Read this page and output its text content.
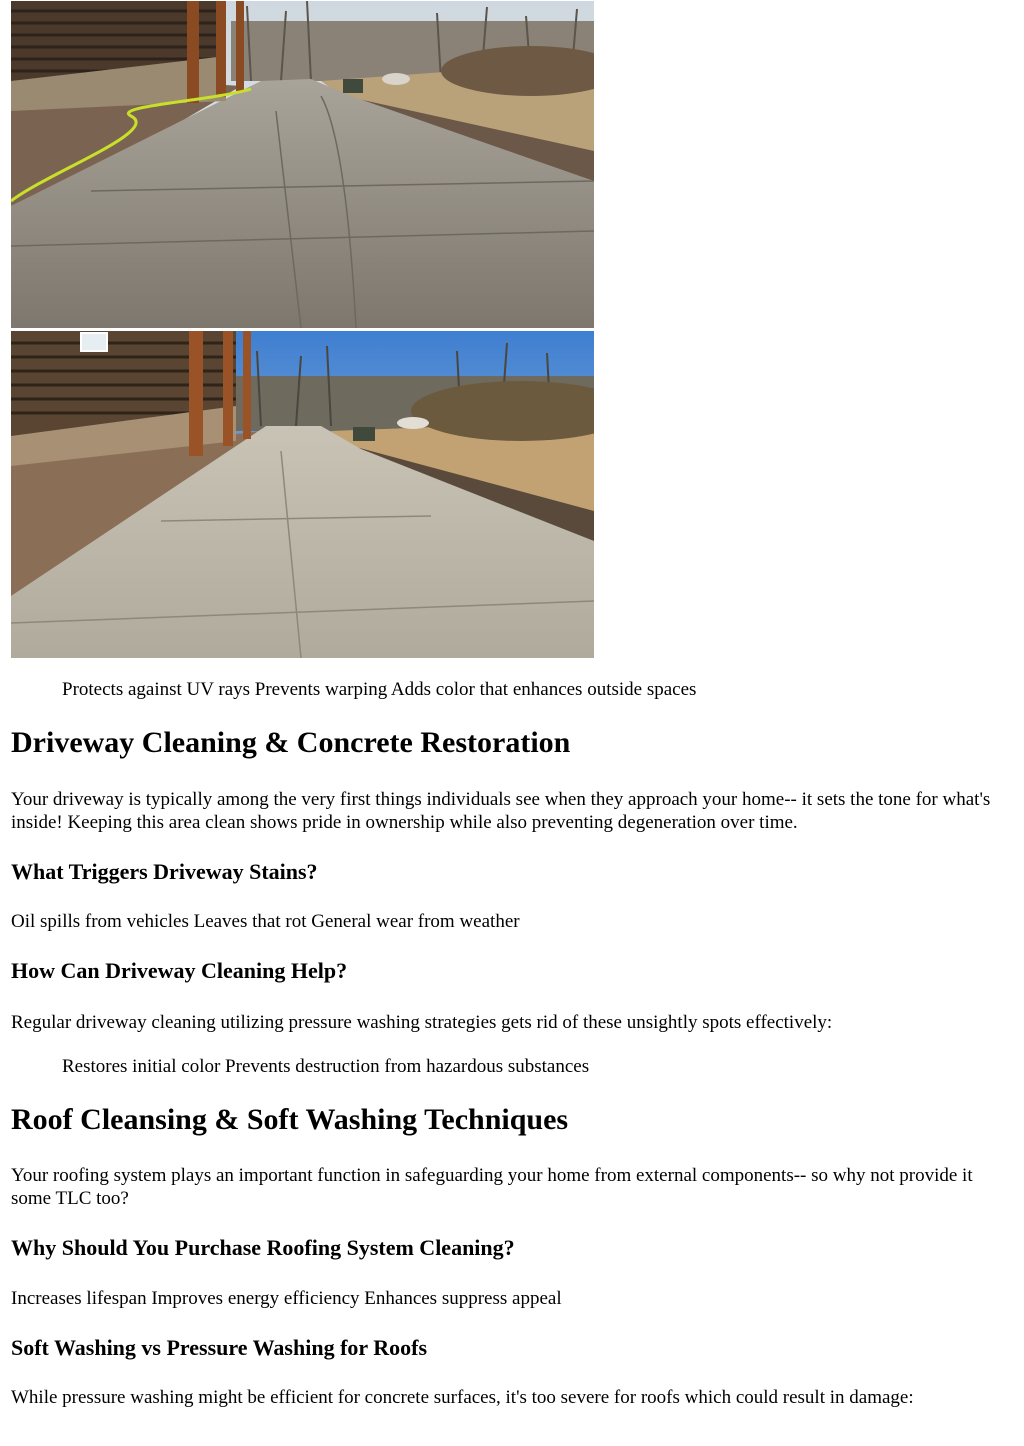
Protects against UV rays Prevents warping Adds color that enhances outside spaces

Driveway Cleaning & Concrete Restoration

Your driveway is typically among the very first things individuals see when they approach your home-- it sets the tone for what's inside! Keeping this area clean shows pride in ownership while also preventing degeneration over time.

What Triggers Driveway Stains?

Oil spills from vehicles Leaves that rot General wear from weather

How Can Driveway Cleaning Help?

Regular driveway cleaning utilizing pressure washing strategies gets rid of these unsightly spots effectively:

Restores initial color Prevents destruction from hazardous substances

Roof Cleansing & Soft Washing Techniques

Your roofing system plays an important function in safeguarding your home from external components-- so why not provide it some TLC too?

Why Should You Purchase Roofing System Cleaning?

Increases lifespan Improves energy efficiency Enhances suppress appeal

Soft Washing vs Pressure Washing for Roofs

While pressure washing might be efficient for concrete surfaces, it's too severe for roofs which could result in damage:
